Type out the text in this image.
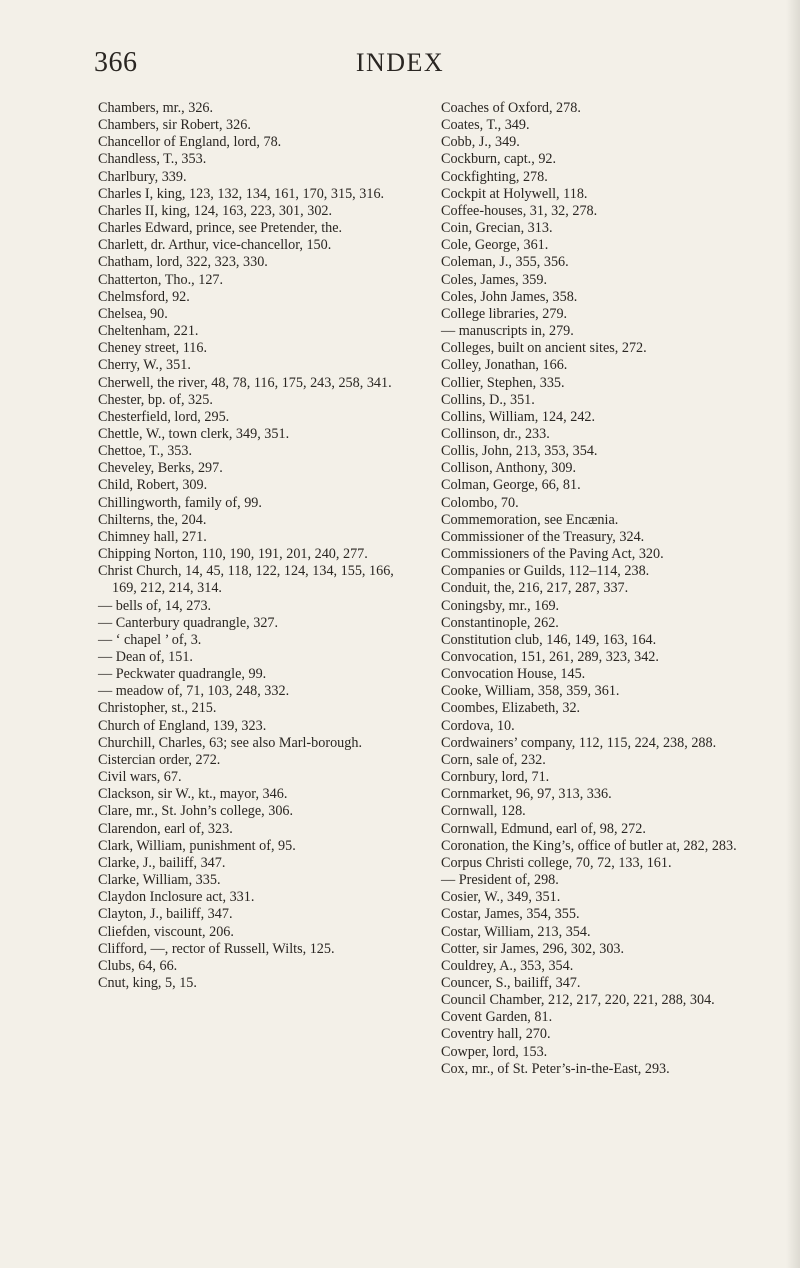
366	INDEX
Chambers, mr., 326.
Chambers, sir Robert, 326.
Chancellor of England, lord, 78.
Chandless, T., 353.
Charlbury, 339.
Charles I, king, 123, 132, 134, 161, 170, 315, 316.
Charles II, king, 124, 163, 223, 301, 302.
Charles Edward, prince, see Pretender, the.
Charlett, dr. Arthur, vice-chancellor, 150.
Chatham, lord, 322, 323, 330.
Chatterton, Tho., 127.
Chelmsford, 92.
Chelsea, 90.
Cheltenham, 221.
Cheney street, 116.
Cherry, W., 351.
Cherwell, the river, 48, 78, 116, 175, 243, 258, 341.
Chester, bp. of, 325.
Chesterfield, lord, 295.
Chettle, W., town clerk, 349, 351.
Chettoe, T., 353.
Cheveley, Berks, 297.
Child, Robert, 309.
Chillingworth, family of, 99.
Chilterns, the, 204.
Chimney hall, 271.
Chipping Norton, 110, 190, 191, 201, 240, 277.
Christ Church, 14, 45, 118, 122, 124, 134, 155, 166, 169, 212, 214, 314.
— bells of, 14, 273.
— Canterbury quadrangle, 327.
— ‘ chapel ’ of, 3.
— Dean of, 151.
— Peckwater quadrangle, 99.
— meadow of, 71, 103, 248, 332.
Christopher, st., 215.
Church of England, 139, 323.
Churchill, Charles, 63; see also Marl-borough.
Cistercian order, 272.
Civil wars, 67.
Clackson, sir W., kt., mayor, 346.
Clare, mr., St. John’s college, 306.
Clarendon, earl of, 323.
Clark, William, punishment of, 95.
Clarke, J., bailiff, 347.
Clarke, William, 335.
Claydon Inclosure act, 331.
Clayton, J., bailiff, 347.
Cliefden, viscount, 206.
Clifford, —, rector of Russell, Wilts, 125.
Clubs, 64, 66.
Cnut, king, 5, 15.
Coaches of Oxford, 278.
Coates, T., 349.
Cobb, J., 349.
Cockburn, capt., 92.
Cockfighting, 278.
Cockpit at Holywell, 118.
Coffee-houses, 31, 32, 278.
Coin, Grecian, 313.
Cole, George, 361.
Coleman, J., 355, 356.
Coles, James, 359.
Coles, John James, 358.
College libraries, 279.
— manuscripts in, 279.
Colleges, built on ancient sites, 272.
Colley, Jonathan, 166.
Collier, Stephen, 335.
Collins, D., 351.
Collins, William, 124, 242.
Collinson, dr., 233.
Collis, John, 213, 353, 354.
Collison, Anthony, 309.
Colman, George, 66, 81.
Colombo, 70.
Commemoration, see Encænia.
Commissioner of the Treasury, 324.
Commissioners of the Paving Act, 320.
Companies or Guilds, 112–114, 238.
Conduit, the, 216, 217, 287, 337.
Coningsby, mr., 169.
Constantinople, 262.
Constitution club, 146, 149, 163, 164.
Convocation, 151, 261, 289, 323, 342.
Convocation House, 145.
Cooke, William, 358, 359, 361.
Coombes, Elizabeth, 32.
Cordova, 10.
Cordwainers’ company, 112, 115, 224, 238, 288.
Corn, sale of, 232.
Cornbury, lord, 71.
Cornmarket, 96, 97, 313, 336.
Cornwall, 128.
Cornwall, Edmund, earl of, 98, 272.
Coronation, the King’s, office of butler at, 282, 283.
Corpus Christi college, 70, 72, 133, 161.
— President of, 298.
Cosier, W., 349, 351.
Costar, James, 354, 355.
Costar, William, 213, 354.
Cotter, sir James, 296, 302, 303.
Couldrey, A., 353, 354.
Councer, S., bailiff, 347.
Council Chamber, 212, 217, 220, 221, 288, 304.
Covent Garden, 81.
Coventry hall, 270.
Cowper, lord, 153.
Cox, mr., of St. Peter’s-in-the-East, 293.
